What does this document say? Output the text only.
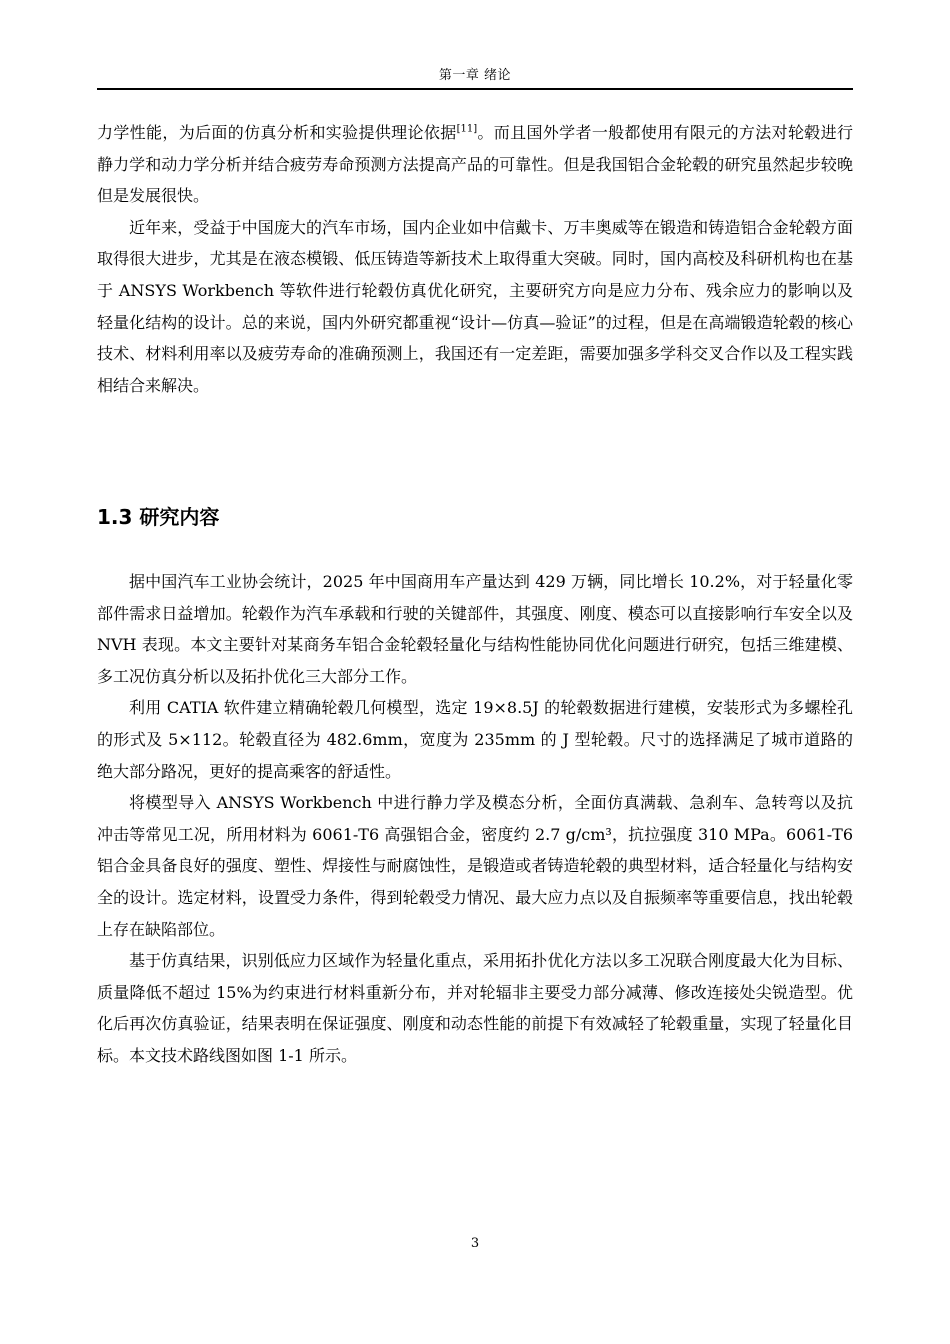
第一章 绪论

力学性能，为后面的仿真分析和实验提供理论依据[11]。而且国外学者一般都使用有限元的方法对轮毂进行静力学和动力学分析并结合疲劳寿命预测方法提高产品的可靠性。但是我国铝合金轮毂的研究虽然起步较晚但是发展很快。

近年来，受益于中国庞大的汽车市场，国内企业如中信戴卡、万丰奥威等在锻造和铸造铝合金轮毂方面取得很大进步，尤其是在液态模锻、低压铸造等新技术上取得重大突破。同时，国内高校及科研机构也在基于 ANSYS Workbench 等软件进行轮毂仿真优化研究，主要研究方向是应力分布、残余应力的影响以及轻量化结构的设计。总的来说，国内外研究都重视“设计—仿真—验证”的过程，但是在高端锻造轮毂的核心技术、材料利用率以及疲劳寿命的准确预测上，我国还有一定差距，需要加强多学科交叉合作以及工程实践相结合来解决。

1.3 研究内容

据中国汽车工业协会统计，2025 年中国商用车产量达到 429 万辆，同比增长 10.2%，对于轻量化零部件需求日益增加。轮毂作为汽车承载和行驶的关键部件，其强度、刚度、模态可以直接影响行车安全以及 NVH 表现。本文主要针对某商务车铝合金轮毂轻量化与结构性能协同优化问题进行研究，包括三维建模、多工况仿真分析以及拓扑优化三大部分工作。

利用 CATIA 软件建立精确轮毂几何模型，选定 19×8.5J 的轮毂数据进行建模，安装形式为多螺栓孔的形式及 5×112。轮毂直径为 482.6mm，宽度为 235mm 的 J 型轮毂。尺寸的选择满足了城市道路的绝大部分路况，更好的提高乘客的舒适性。

将模型导入 ANSYS Workbench 中进行静力学及模态分析，全面仿真满载、急刹车、急转弯以及抗冲击等常见工况，所用材料为 6061-T6 高强铝合金，密度约 2.7 g/cm³，抗拉强度 310 MPa。6061-T6 铝合金具备良好的强度、塑性、焊接性与耐腐蚀性，是锻造或者铸造轮毂的典型材料，适合轻量化与结构安全的设计。选定材料，设置受力条件，得到轮毂受力情况、最大应力点以及自振频率等重要信息，找出轮毂上存在缺陷部位。

基于仿真结果，识别低应力区域作为轻量化重点，采用拓扑优化方法以多工况联合刚度最大化为目标、质量降低不超过 15%为约束进行材料重新分布，并对轮辐非主要受力部分减薄、修改连接处尖锐造型。优化后再次仿真验证，结果表明在保证强度、刚度和动态性能的前提下有效减轻了轮毂重量，实现了轻量化目标。本文技术路线图如图 1-1 所示。

3
